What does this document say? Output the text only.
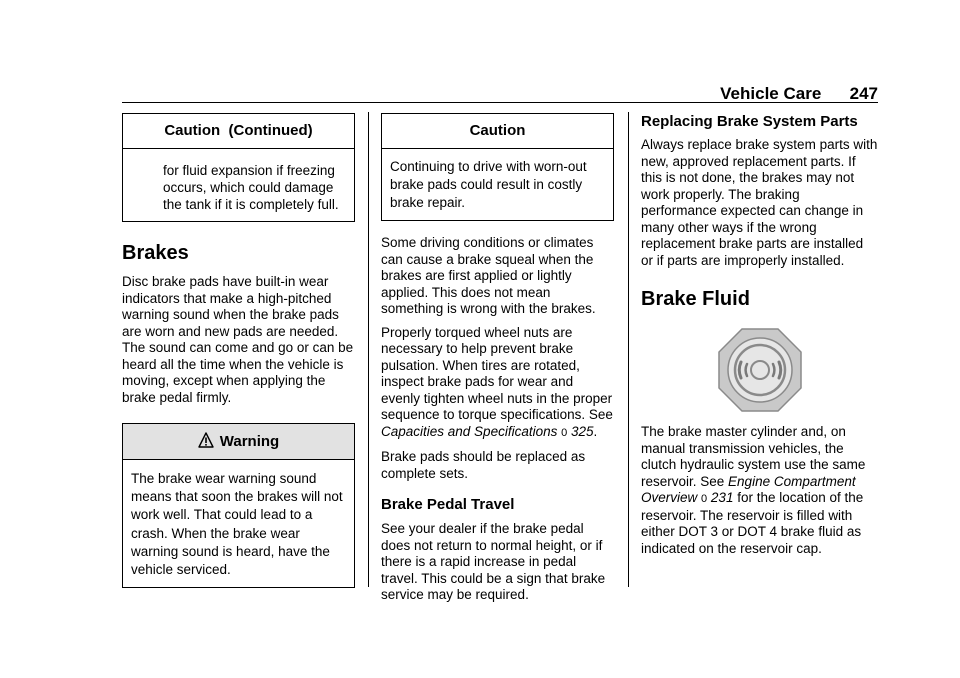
Vehicle Care 247
Caution  (Continued)
for fluid expansion if freezing occurs, which could damage the tank if it is completely full.
Brakes

Disc brake pads have built-in wear indicators that make a high-pitched warning sound when the brake pads are worn and new pads are needed. The sound can come and go or can be heard all the time when the vehicle is moving, except when applying the brake pedal firmly.

Warning
The brake wear warning sound means that soon the brakes will not work well. That could lead to a crash. When the brake wear warning sound is heard, have the vehicle serviced.
Caution
Continuing to drive with worn-out brake pads could result in costly brake repair.

Some driving conditions or climates can cause a brake squeal when the brakes are first applied or lightly applied. This does not mean something is wrong with the brakes.

Properly torqued wheel nuts are necessary to help prevent brake pulsation. When tires are rotated, inspect brake pads for wear and evenly tighten wheel nuts in the proper sequence to torque specifications. See Capacities and Specifications 0 325.

Brake pads should be replaced as complete sets.

Brake Pedal Travel

See your dealer if the brake pedal does not return to normal height, or if there is a rapid increase in pedal travel. This could be a sign that brake service may be required.

Replacing Brake System Parts

Always replace brake system parts with new, approved replacement parts. If this is not done, the brakes may not work properly. The braking performance expected can change in many other ways if the wrong replacement brake parts are installed or if parts are improperly installed.

Brake Fluid

The brake master cylinder and, on manual transmission vehicles, the clutch hydraulic system use the same reservoir. See Engine Compartment Overview 0 231 for the location of the reservoir. The reservoir is filled with either DOT 3 or DOT 4 brake fluid as indicated on the reservoir cap.
